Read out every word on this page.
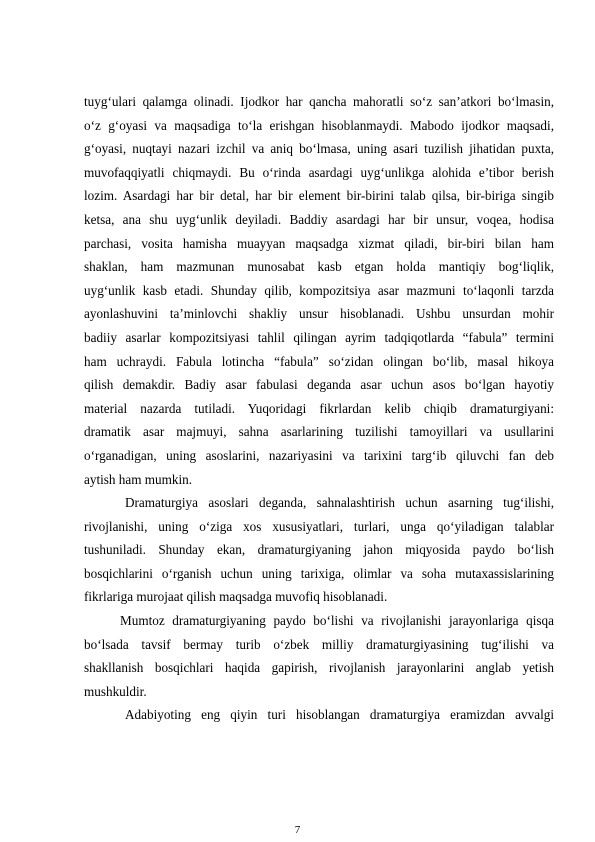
tuyg‘ulari qalamga olinadi. Ijodkor har qancha mahoratli so‘z san’atkori bo‘lmasin,
o‘z g‘oyasi va maqsadiga to‘la erishgan hisoblanmaydi. Mabodo ijodkor maqsadi,
g‘oyasi, nuqtayi nazari izchil va aniq bo‘lmasa, uning asari tuzilish jihatidan puxta,
muvofaqqiyatli chiqmaydi. Bu o‘rinda asardagi uyg‘unlikga alohida e’tibor berish
lozim. Asardagi har bir detal, har bir element bir-birini talab qilsa, bir-biriga singib
ketsa, ana shu uyg‘unlik deyiladi. Baddiy asardagi har bir unsur, voqea, hodisa
parchasi, vosita hamisha muayyan maqsadga xizmat qiladi, bir-biri bilan ham
shaklan, ham mazmunan munosabat kasb etgan holda mantiqiy bog‘liqlik,
uyg‘unlik kasb etadi. Shunday qilib, kompozitsiya asar mazmuni to‘laqonli tarzda
ayonlashuvini ta’minlovchi shakliy unsur hisoblanadi. Ushbu unsurdan mohir
badiiy asarlar kompozitsiyasi tahlil qilingan ayrim tadqiqotlarda “fabula” termini
ham uchraydi. Fabula lotincha “fabula” so‘zidan olingan bo‘lib, masal hikoya
qilish demakdir. Badiy asar fabulasi deganda asar uchun asos bo‘lgan hayotiy
material nazarda tutiladi. Yuqoridagi fikrlardan kelib chiqib dramaturgiyani:
dramatik asar majmuyi, sahna asarlarining tuzilishi tamoyillari va usullarini
o‘rganadigan, uning asoslarini, nazariyasini va tarixini targ‘ib qiluvchi fan deb
aytish ham mumkin.
Dramaturgiya asoslari deganda, sahnalashtirish uchun asarning tug‘ilishi,
rivojlanishi, uning o‘ziga xos xususiyatlari, turlari, unga qo‘yiladigan talablar
tushuniladi. Shunday ekan, dramaturgiyaning jahon miqyosida paydo bo‘lish
bosqichlarini o‘rganish uchun uning tarixiga, olimlar va soha mutaxassislarining
fikrlariga murojaat qilish maqsadga muvofiq hisoblanadi.
Mumtoz dramaturgiyaning paydo bo‘lishi va rivojlanishi jarayonlariga qisqa
bo‘lsada tavsif bermay turib o‘zbek milliy dramaturgiyasining tug‘ilishi va
shakllanish bosqichlari haqida gapirish, rivojlanish jarayonlarini anglab yetish
mushkuldir.
Adabiyoting eng qiyin turi hisoblangan dramaturgiya eramizdan avvalgi
7
